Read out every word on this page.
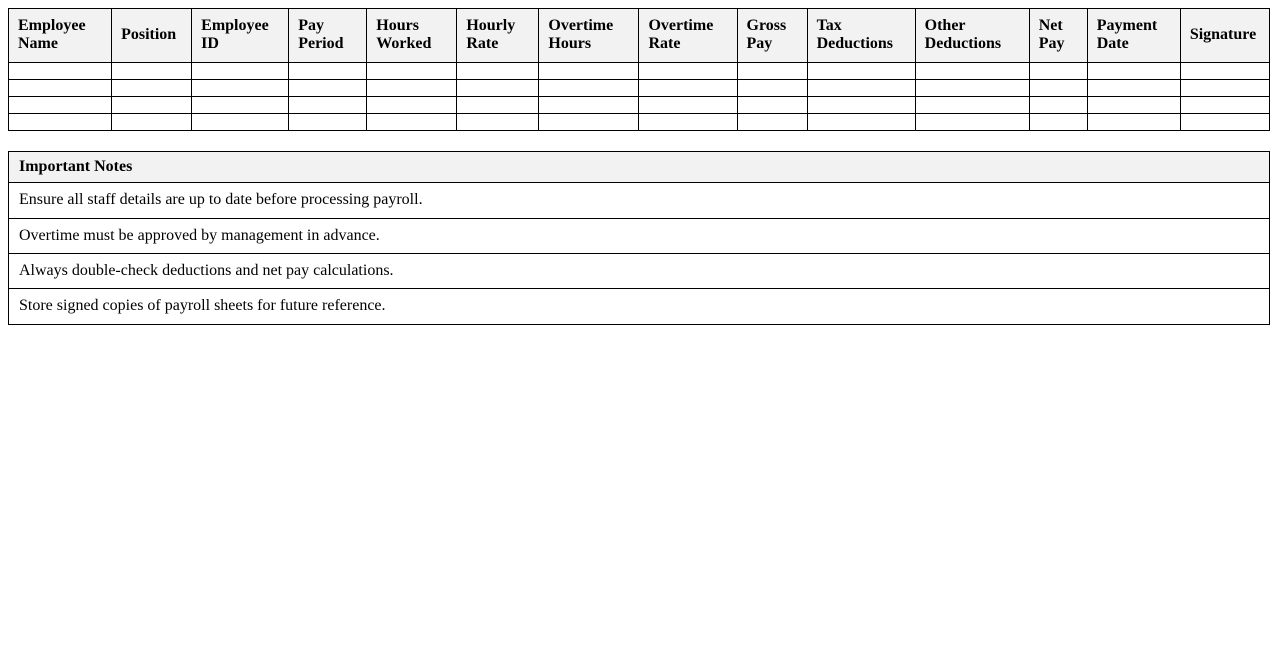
Employee Name	Position	Employee ID	Pay Period	Hours Worked	Hourly Rate	Overtime Hours	Overtime Rate	Gross Pay	Tax Deductions	Other Deductions	Net Pay	Payment Date	Signature

Important Notes
Ensure all staff details are up to date before processing payroll.
Overtime must be approved by management in advance.
Always double-check deductions and net pay calculations.
Store signed copies of payroll sheets for future reference.
